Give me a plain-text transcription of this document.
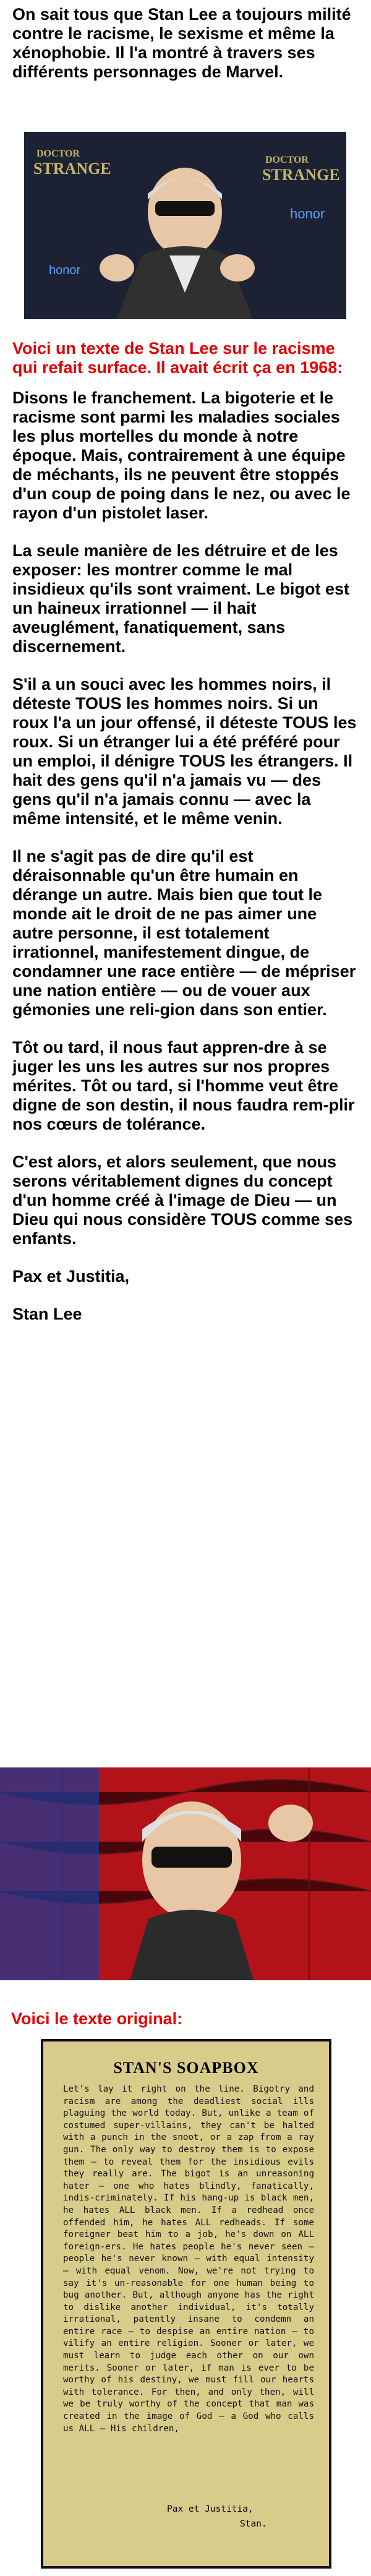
On sait tous que Stan Lee a toujours milité contre le racisme, le sexisme et même la xénophobie. Il l'a montré à travers ses différents personnages de Marvel.
DOCTOR
STRANGE	DOCTOR
STRANGE
honor
honor
Voici un texte de Stan Lee sur le racisme qui refait surface. Il avait écrit ça en 1968:

Disons le franchement. La bigoterie et le racisme sont parmi les maladies sociales les plus mortelles du monde à notre époque. Mais, contrairement à une équipe de méchants, ils ne peuvent être stoppés d'un coup de poing dans le nez, ou avec le rayon d'un pistolet laser.

La seule manière de les détruire et de les exposer: les montrer comme le mal insidieux qu'ils sont vraiment. Le bigot est un haineux irrationnel — il hait aveuglément, fanatiquement, sans discernement.

S'il a un souci avec les hommes noirs, il déteste TOUS les hommes noirs. Si un roux l'a un jour offensé, il déteste TOUS les roux. Si un étranger lui a été préféré pour un emploi, il dénigre TOUS les étrangers. Il hait des gens qu'il n'a jamais vu — des gens qu'il n'a jamais connu — avec la même intensité, et le même venin.

Il ne s'agit pas de dire qu'il est déraisonnable qu'un être humain en dérange un autre. Mais bien que tout le monde ait le droit de ne pas aimer une autre personne, il est totalement irrationnel, manifestement dingue, de condamner une race entière — de mépriser une nation entière — ou de vouer aux gémonies une reli-gion dans son entier.

Tôt ou tard, il nous faut appren-dre à se juger les uns les autres sur nos propres mérites. Tôt ou tard, si l'homme veut être digne de son destin, il nous faudra rem-plir nos cœurs de tolérance.

C'est alors, et alors seulement, que nous serons véritablement dignes du concept d'un homme créé à l'image de Dieu — un Dieu qui nous considère TOUS comme ses enfants.

Pax et Justitia,

Stan Lee

Voici le texte original:
STAN'S SOAPBOX
Let's lay it right on the line. Bigotry and racism are among the deadliest social ills plaguing the world today. But, unlike a team of costumed super-villains, they can't be halted with a punch in the snoot, or a zap from a ray gun. The only way to destroy them is to expose them — to reveal them for the insidious evils they really are. The bigot is an unreasoning hater — one who hates blindly, fanatically, indis-criminately. If his hang-up is black men, he hates ALL black men. If a redhead once offended him, he hates ALL redheads. If some foreigner beat him to a job, he's down on ALL foreign-ers. He hates people he's never seen — people he's never known — with equal intensity — with equal venom. Now, we're not trying to say it's un-reasonable for one human being to bug another. But, although anyone has the right to dislike another individual, it's totally irrational, patently insane to condemn an entire race — to despise an entire nation — to vilify an entire religion. Sooner or later, we must learn to judge each other on our own merits. Sooner or later, if man is ever to be worthy of his destiny, we must fill our hearts with tolerance. For then, and only then, will we be truly worthy of the concept that man was created in the image of God — a God who calls us ALL — His children,
Pax et Justitia,
Stan.
